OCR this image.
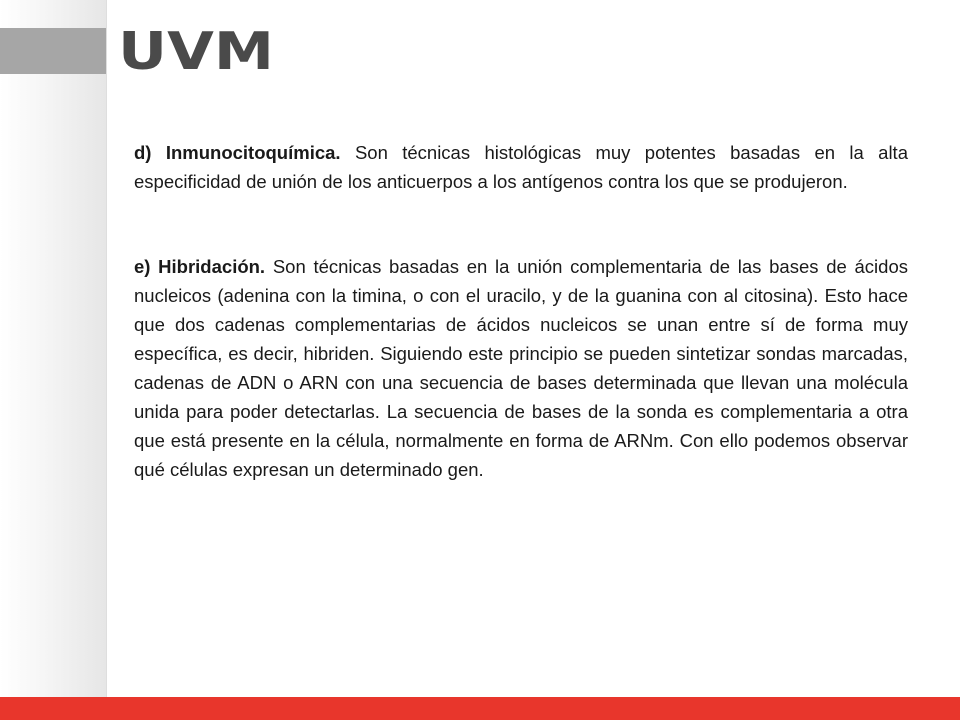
UVM

d) Inmunocitoquímica. Son técnicas histológicas muy potentes basadas en la alta especificidad de unión de los anticuerpos a los antígenos contra los que se produjeron.

e) Hibridación. Son técnicas basadas en la unión complementaria de las bases de ácidos nucleicos (adenina con la timina, o con el uracilo, y de la guanina con al citosina). Esto hace que dos cadenas complementarias de ácidos nucleicos se unan entre sí de forma muy específica, es decir, hibriden. Siguiendo este principio se pueden sintetizar sondas marcadas, cadenas de ADN o ARN con una secuencia de bases determinada que llevan una molécula unida para poder detectarlas. La secuencia de bases de la sonda es complementaria a otra que está presente en la célula, normalmente en forma de ARNm. Con ello podemos observar qué células expresan un determinado gen.
